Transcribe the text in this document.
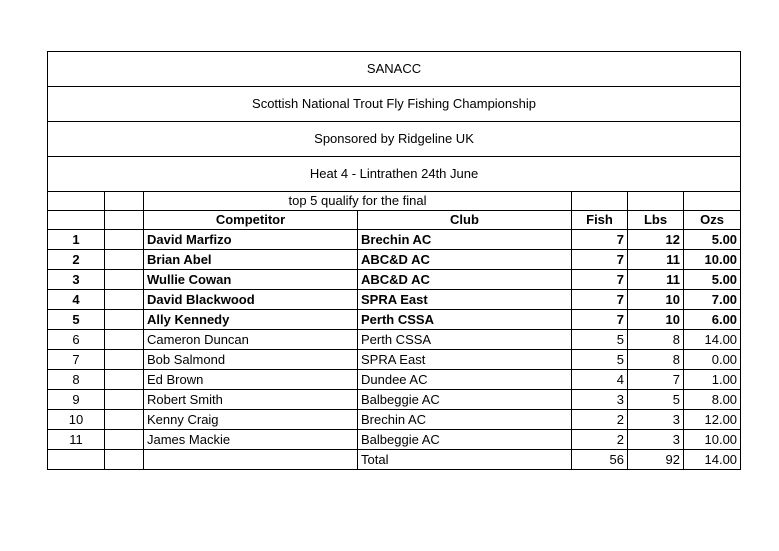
SANACC						
Scottish National Trout Fly Fishing Championship						
Sponsored by Ridgeline UK						
Heat 4 - Lintrathen 24th June						
		top 5 qualify for the final				
		Competitor	Club	Fish	Lbs	Ozs
1		David Marfizo	Brechin AC	7	12	5.00
2		Brian Abel	ABC&D AC	7	11	10.00
3		Wullie Cowan	ABC&D AC	7	11	5.00
4		David Blackwood	SPRA East	7	10	7.00
5		Ally Kennedy	Perth CSSA	7	10	6.00
6		Cameron Duncan	Perth CSSA	5	8	14.00
7		Bob Salmond	SPRA East	5	8	0.00
8		Ed Brown	Dundee AC	4	7	1.00
9		Robert Smith	Balbeggie AC	3	5	8.00
10		Kenny Craig	Brechin AC	2	3	12.00
11		James Mackie	Balbeggie AC	2	3	10.00
			Total	56	92	14.00
